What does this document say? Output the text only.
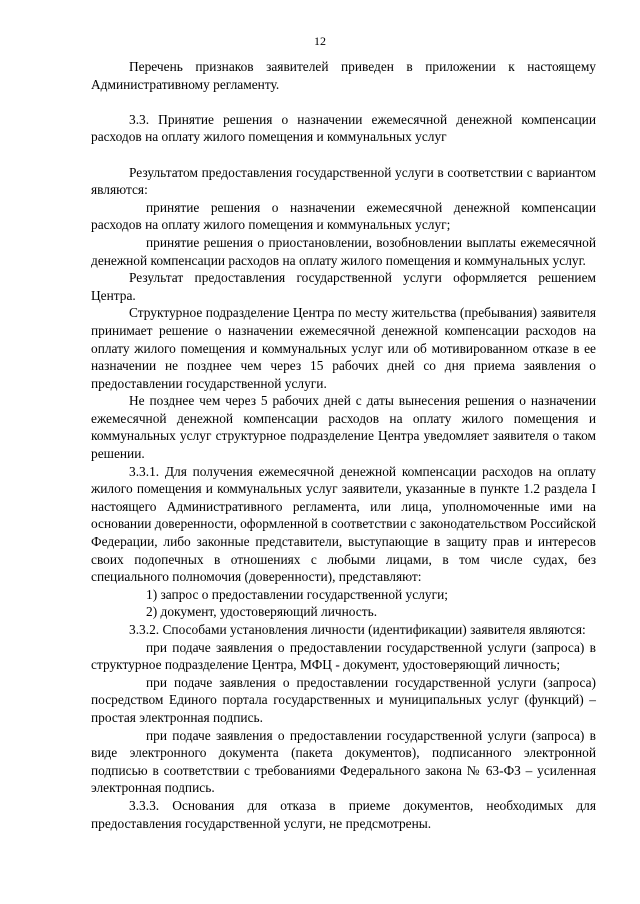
12

Перечень признаков заявителей приведен в приложении к настоящему Административному регламенту.

3.3. Принятие решения о назначении ежемесячной денежной компенсации расходов на оплату жилого помещения и коммунальных услуг

Результатом предоставления государственной услуги в соответствии с вариантом являются:

принятие решения о назначении ежемесячной денежной компенсации расходов на оплату жилого помещения и коммунальных услуг;

принятие решения о приостановлении, возобновлении выплаты ежемесячной денежной компенсации расходов на оплату жилого помещения и коммунальных услуг.

Результат предоставления государственной услуги оформляется решением Центра.

Структурное подразделение Центра по месту жительства (пребывания) заявителя принимает решение о назначении ежемесячной денежной компенсации расходов на оплату жилого помещения и коммунальных услуг или об мотивированном отказе в ее назначении не позднее чем через 15 рабочих дней со дня приема заявления о предоставлении государственной услуги.

Не позднее чем через 5 рабочих дней с даты вынесения решения о назначении ежемесячной денежной компенсации расходов на оплату жилого помещения и коммунальных услуг структурное подразделение Центра уведомляет заявителя о таком решении.

3.3.1. Для получения ежемесячной денежной компенсации расходов на оплату жилого помещения и коммунальных услуг заявители, указанные в пункте 1.2 раздела I настоящего Административного регламента, или лица, уполномоченные ими на основании доверенности, оформленной в соответствии с законодательством Российской Федерации, либо законные представители, выступающие в защиту прав и интересов своих подопечных в отношениях с любыми лицами, в том числе судах, без специального полномочия (доверенности), представляют:

1) запрос о предоставлении государственной услуги;

2) документ, удостоверяющий личность.

3.3.2. Способами установления личности (идентификации) заявителя являются:

при подаче заявления о предоставлении государственной услуги (запроса) в структурное подразделение Центра, МФЦ - документ, удостоверяющий личность;

при подаче заявления о предоставлении государственной услуги (запроса) посредством Единого портала государственных и муниципальных услуг (функций) – простая электронная подпись.

при подаче заявления о предоставлении государственной услуги (запроса) в виде электронного документа (пакета документов), подписанного электронной подписью в соответствии с требованиями Федерального закона № 63-ФЗ – усиленная электронная подпись.

3.3.3. Основания для отказа в приеме документов, необходимых для предоставления государственной услуги, не предсмотрены.
